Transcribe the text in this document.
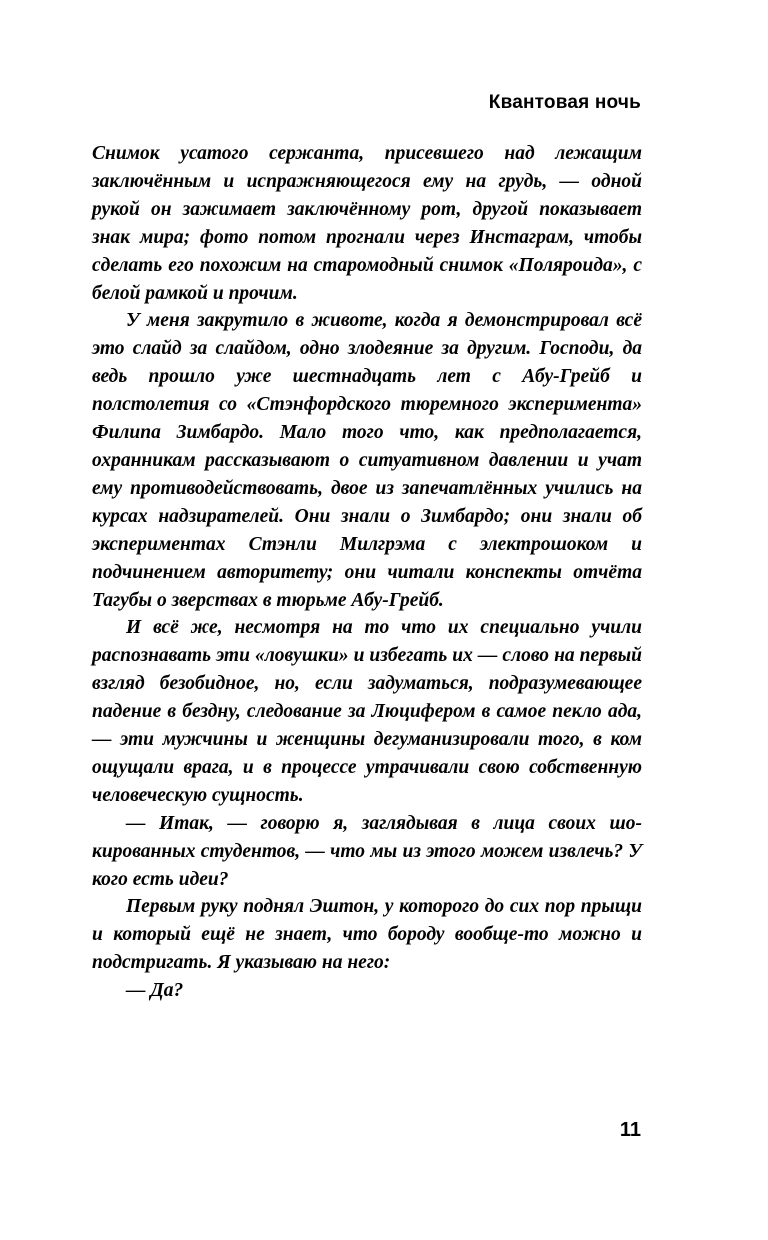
Квантовая ночь

Снимок усатого сержанта, присевшего над лежащим заключённым и испражняющегося ему на грудь, — одной рукой он зажимает заключённому рот, другой показывает знак мира; фото потом прогнали через Инстаграм, чтобы сделать его похожим на старомодный снимок «Поляроида», с белой рамкой и прочим.

У меня закрутило в животе, когда я демонстрировал всё это слайд за слайдом, одно злодеяние за другим. Господи, да ведь прошло уже шестнадцать лет с Абу-Грейб и полстолетия со «Стэнфордского тюремного эксперимента» Филипа Зимбардо. Мало того что, как предполагается, охранникам рассказывают о ситуативном давлении и учат ему противодействовать, двое из запечатлённых учились на курсах надзирателей. Они знали о Зимбардо; они знали об экспериментах Стэнли Милгрэма с электрошоком и подчинением авторитету; они читали конспекты отчёта Тагубы о зверствах в тюрьме Абу-Грейб.

И всё же, несмотря на то что их специально учили распознавать эти «ловушки» и избегать их — слово на первый взгляд безобидное, но, если задуматься, подразумевающее падение в бездну, следование за Люцифером в самое пекло ада, — эти мужчины и женщины дегуманизировали того, в ком ощущали врага, и в процессе утрачивали свою собственную человеческую сущность.

— Итак, — говорю я, заглядывая в лица своих шокированных студентов, — что мы из этого можем извлечь? У кого есть идеи?

Первым руку поднял Эштон, у которого до сих пор прыщи и который ещё не знает, что бороду вообще-то можно и подстригать. Я указываю на него:

— Да?

11
